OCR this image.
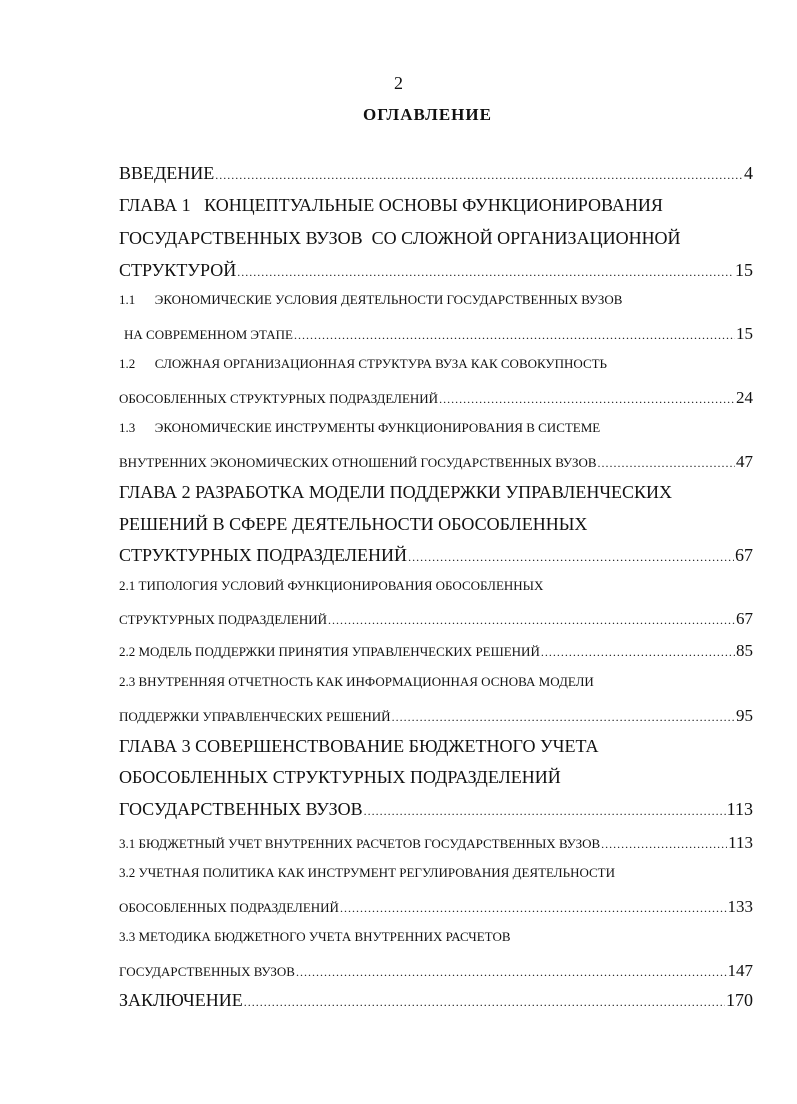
2
ОГЛАВЛЕНИЕ
ВВЕДЕНИЕ .....	4
ГЛАВА 1   КОНЦЕПТУАЛЬНЫЕ ОСНОВЫ ФУНКЦИОНИРОВАНИЯ
ГОСУДАРСТВЕННЫХ ВУЗОВ  СО СЛОЖНОЙ ОРГАНИЗАЦИОННОЙ
СТРУКТУРОЙ .....	15
1.1      ЭКОНОМИЧЕСКИЕ УСЛОВИЯ ДЕЯТЕЛЬНОСТИ ГОСУДАРСТВЕННЫХ ВУЗОВ
НА СОВРЕМЕННОМ ЭТАПЕ .....	15
1.2      СЛОЖНАЯ ОРГАНИЗАЦИОННАЯ СТРУКТУРА ВУЗА КАК СОВОКУПНОСТЬ
ОБОСОБЛЕННЫХ СТРУКТУРНЫХ ПОДРАЗДЕЛЕНИЙ .....	24
1.3      ЭКОНОМИЧЕСКИЕ ИНСТРУМЕНТЫ ФУНКЦИОНИРОВАНИЯ В СИСТЕМЕ
ВНУТРЕННИХ ЭКОНОМИЧЕСКИХ ОТНОШЕНИЙ ГОСУДАРСТВЕННЫХ ВУЗОВ .....	47
ГЛАВА 2 РАЗРАБОТКА МОДЕЛИ ПОДДЕРЖКИ УПРАВЛЕНЧЕСКИХ
РЕШЕНИЙ В СФЕРЕ ДЕЯТЕЛЬНОСТИ ОБОСОБЛЕННЫХ
СТРУКТУРНЫХ ПОДРАЗДЕЛЕНИЙ .....	67
2.1 ТИПОЛОГИЯ УСЛОВИЙ ФУНКЦИОНИРОВАНИЯ ОБОСОБЛЕННЫХ
СТРУКТУРНЫХ ПОДРАЗДЕЛЕНИЙ .....	67
2.2 МОДЕЛЬ ПОДДЕРЖКИ ПРИНЯТИЯ УПРАВЛЕНЧЕСКИХ РЕШЕНИЙ .....	85
2.3 ВНУТРЕННЯЯ ОТЧЕТНОСТЬ КАК ИНФОРМАЦИОННАЯ ОСНОВА МОДЕЛИ
ПОДДЕРЖКИ УПРАВЛЕНЧЕСКИХ РЕШЕНИЙ .....	95
ГЛАВА 3 СОВЕРШЕНСТВОВАНИЕ БЮДЖЕТНОГО УЧЕТА
ОБОСОБЛЕННЫХ СТРУКТУРНЫХ ПОДРАЗДЕЛЕНИЙ
ГОСУДАРСТВЕННЫХ ВУЗОВ .....	113
3.1 БЮДЖЕТНЫЙ УЧЕТ ВНУТРЕННИХ РАСЧЕТОВ ГОСУДАРСТВЕННЫХ ВУЗОВ .....	113
3.2 УЧЕТНАЯ ПОЛИТИКА КАК ИНСТРУМЕНТ РЕГУЛИРОВАНИЯ ДЕЯТЕЛЬНОСТИ
ОБОСОБЛЕННЫХ ПОДРАЗДЕЛЕНИЙ .....	133
3.3 МЕТОДИКА БЮДЖЕТНОГО УЧЕТА ВНУТРЕННИХ РАСЧЕТОВ
ГОСУДАРСТВЕННЫХ ВУЗОВ .....	147
ЗАКЛЮЧЕНИЕ .....	170
